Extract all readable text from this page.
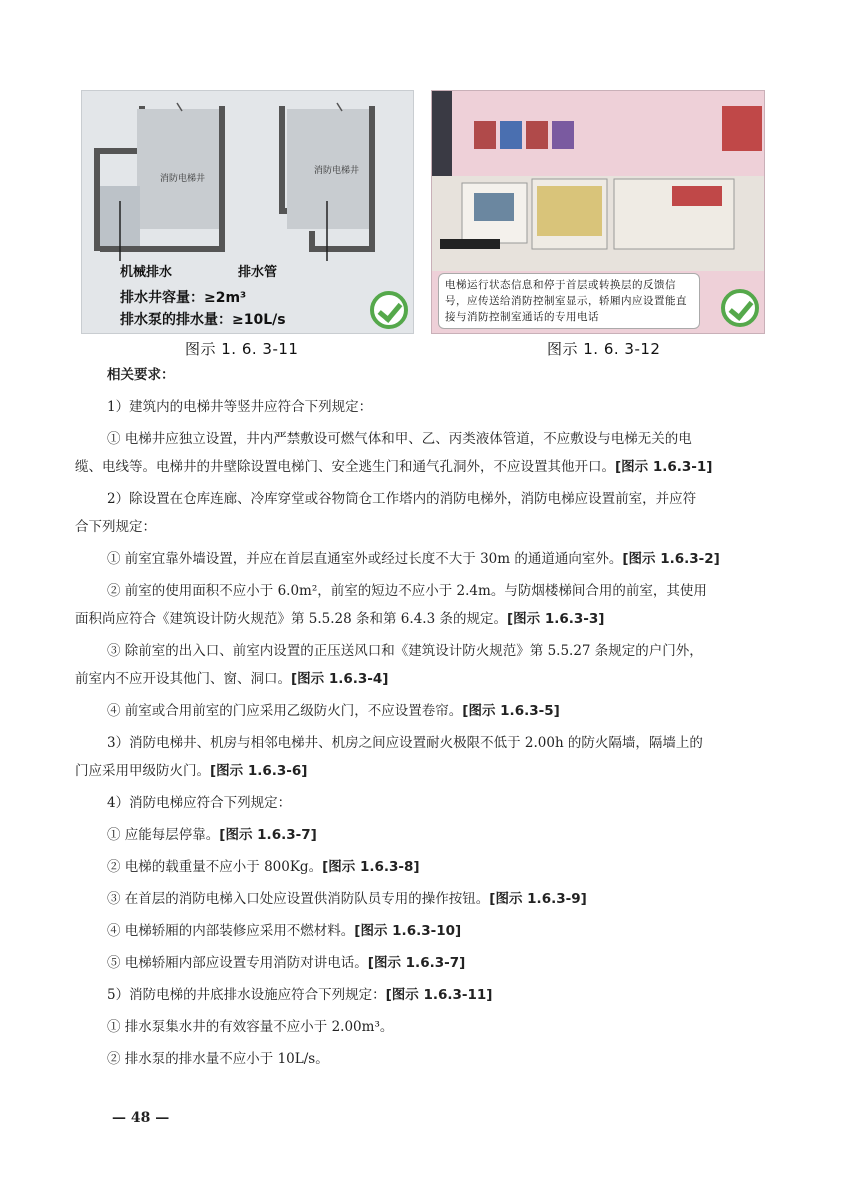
消防电梯井
消防电梯井
机械排水	排水管
排水井容量：≥2m³
排水泵的排水量：≥10L/s
电梯运行状态信息和停于首层或转换层的反馈信号，应传送给消防控制室显示，轿厢内应设置能直接与消防控制室通话的专用电话
图示 1. 6. 3-11	图示 1. 6. 3-12
相关要求：
1）建筑内的电梯井等竖井应符合下列规定：
① 电梯井应独立设置，井内严禁敷设可燃气体和甲、乙、丙类液体管道，不应敷设与电梯无关的电
缆、电线等。电梯井的井壁除设置电梯门、安全逃生门和通气孔洞外，不应设置其他开口。[图示 1.6.3-1]
2）除设置在仓库连廊、冷库穿堂或谷物筒仓工作塔内的消防电梯外，消防电梯应设置前室，并应符
合下列规定：
① 前室宜靠外墙设置，并应在首层直通室外或经过长度不大于 30m 的通道通向室外。[图示 1.6.3-2]
② 前室的使用面积不应小于 6.0m²，前室的短边不应小于 2.4m。与防烟楼梯间合用的前室，其使用
面积尚应符合《建筑设计防火规范》第 5.5.28 条和第 6.4.3 条的规定。[图示 1.6.3-3]
③ 除前室的出入口、前室内设置的正压送风口和《建筑设计防火规范》第 5.5.27 条规定的户门外，
前室内不应开设其他门、窗、洞口。[图示 1.6.3-4]
④ 前室或合用前室的门应采用乙级防火门，不应设置卷帘。[图示 1.6.3-5]
3）消防电梯井、机房与相邻电梯井、机房之间应设置耐火极限不低于 2.00h 的防火隔墙，隔墙上的
门应采用甲级防火门。[图示 1.6.3-6]
4）消防电梯应符合下列规定：
① 应能每层停靠。[图示 1.6.3-7]
② 电梯的载重量不应小于 800Kg。[图示 1.6.3-8]
③ 在首层的消防电梯入口处应设置供消防队员专用的操作按钮。[图示 1.6.3-9]
④ 电梯轿厢的内部装修应采用不燃材料。[图示 1.6.3-10]
⑤ 电梯轿厢内部应设置专用消防对讲电话。[图示 1.6.3-7]
5）消防电梯的井底排水设施应符合下列规定：[图示 1.6.3-11]
① 排水泵集水井的有效容量不应小于 2.00m³。
② 排水泵的排水量不应小于 10L/s。
— 48 —
